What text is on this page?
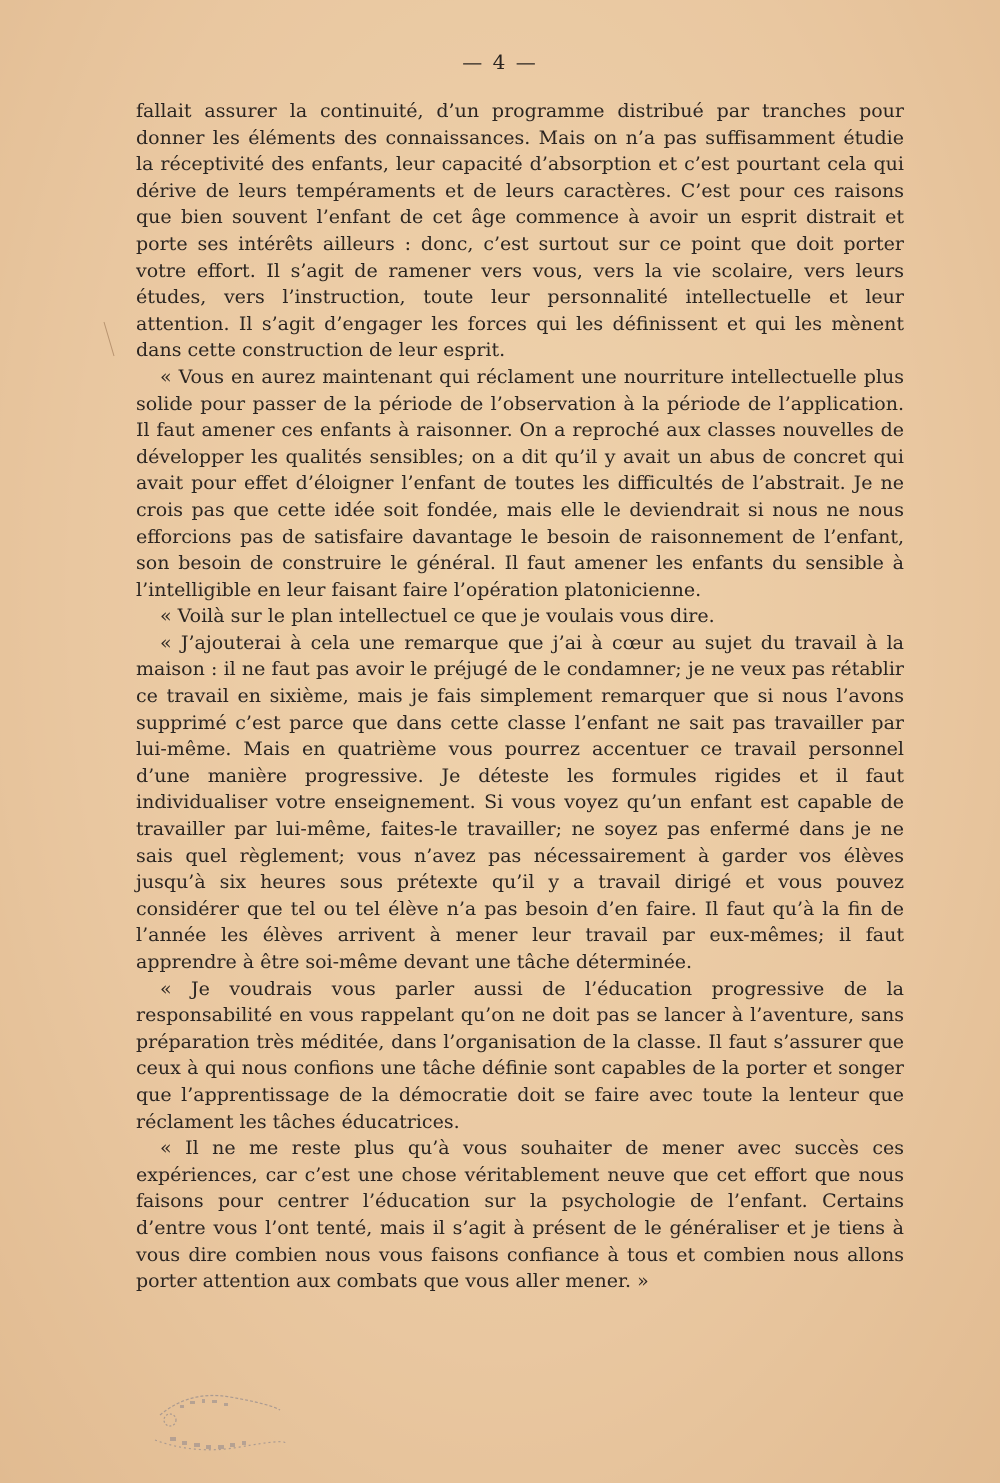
— 4 —

fallait assurer la continuité, d’un programme distribué par tranches pour donner les éléments des connaissances. Mais on n’a pas suffisamment étudie la réceptivité des enfants, leur capacité d’absorption et c’est pourtant cela qui dérive de leurs tempéraments et de leurs caractères. C’est pour ces raisons que bien souvent l’enfant de cet âge commence à avoir un esprit distrait et porte ses intérêts ailleurs : donc, c’est surtout sur ce point que doit porter votre effort. Il s’agit de ramener vers vous, vers la vie scolaire, vers leurs études, vers l’instruction, toute leur personnalité intellectuelle et leur attention. Il s’agit d’engager les forces qui les définissent et qui les mènent dans cette construction de leur esprit.

« Vous en aurez maintenant qui réclament une nourriture intellectuelle plus solide pour passer de la période de l’observation à la période de l’application. Il faut amener ces enfants à raisonner. On a reproché aux classes nouvelles de développer les qualités sensibles; on a dit qu’il y avait un abus de concret qui avait pour effet d’éloigner l’enfant de toutes les difficultés de l’abstrait. Je ne crois pas que cette idée soit fondée, mais elle le deviendrait si nous ne nous efforcions pas de satisfaire davantage le besoin de raisonnement de l’enfant, son besoin de construire le général. Il faut amener les enfants du sensible à l’intelligible en leur faisant faire l’opération platonicienne.

« Voilà sur le plan intellectuel ce que je voulais vous dire.

« J’ajouterai à cela une remarque que j’ai à cœur au sujet du travail à la maison : il ne faut pas avoir le préjugé de le condamner; je ne veux pas rétablir ce travail en sixième, mais je fais simplement remarquer que si nous l’avons supprimé c’est parce que dans cette classe l’enfant ne sait pas travailler par lui-même. Mais en quatrième vous pourrez accentuer ce travail personnel d’une manière progressive. Je déteste les formules rigides et il faut individualiser votre enseignement. Si vous voyez qu’un enfant est capable de travailler par lui-même, faites-le travailler; ne soyez pas enfermé dans je ne sais quel règlement; vous n’avez pas nécessairement à garder vos élèves jusqu’à six heures sous prétexte qu’il y a travail dirigé et vous pouvez considérer que tel ou tel élève n’a pas besoin d’en faire. Il faut qu’à la fin de l’année les élèves arrivent à mener leur travail par eux-mêmes; il faut apprendre à être soi-même devant une tâche déterminée.

« Je voudrais vous parler aussi de l’éducation progressive de la responsabilité en vous rappelant qu’on ne doit pas se lancer à l’aventure, sans préparation très méditée, dans l’organisation de la classe. Il faut s’assurer que ceux à qui nous confions une tâche définie sont capables de la porter et songer que l’apprentissage de la démocratie doit se faire avec toute la lenteur que réclament les tâches éducatrices.

« Il ne me reste plus qu’à vous souhaiter de mener avec succès ces expériences, car c’est une chose véritablement neuve que cet effort que nous faisons pour centrer l’éducation sur la psychologie de l’enfant. Certains d’entre vous l’ont tenté, mais il s’agit à présent de le généraliser et je tiens à vous dire combien nous vous faisons confiance à tous et combien nous allons porter attention aux combats que vous aller mener. »
